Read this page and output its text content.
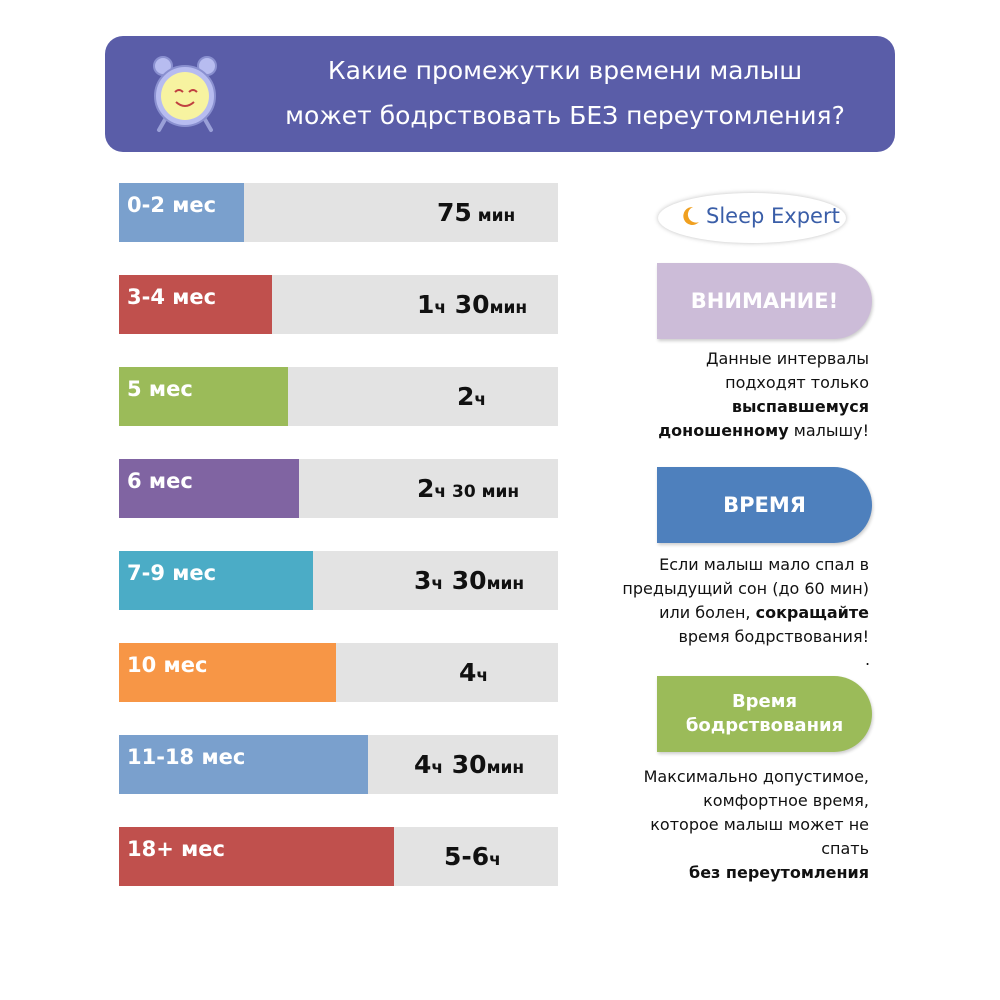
Какие промежутки времени малыш
может бодрствовать БЕЗ переутомления?
0-2 мес	75 мин
3-4 мес	1ч 30мин
5 мес	2ч
6 мес	2ч 30 мин
7-9 мес	3ч 30мин
10 мес	4ч
11-18 мес	4ч 30мин
18+ мес	5-6ч
Sleep Expert
ВНИМАНИЕ!
Данные интервалы
подходят только
выспавшемуся
доношенному малышу!
ВРЕМЯ
Если малыш мало спал в
предыдущий сон (до 60 мин)
или болен, сокращайте
время бодрствования!
.
Время
бодрствования
Максимально допустимое,
комфортное время,
которое малыш может не
спать
без переутомления
